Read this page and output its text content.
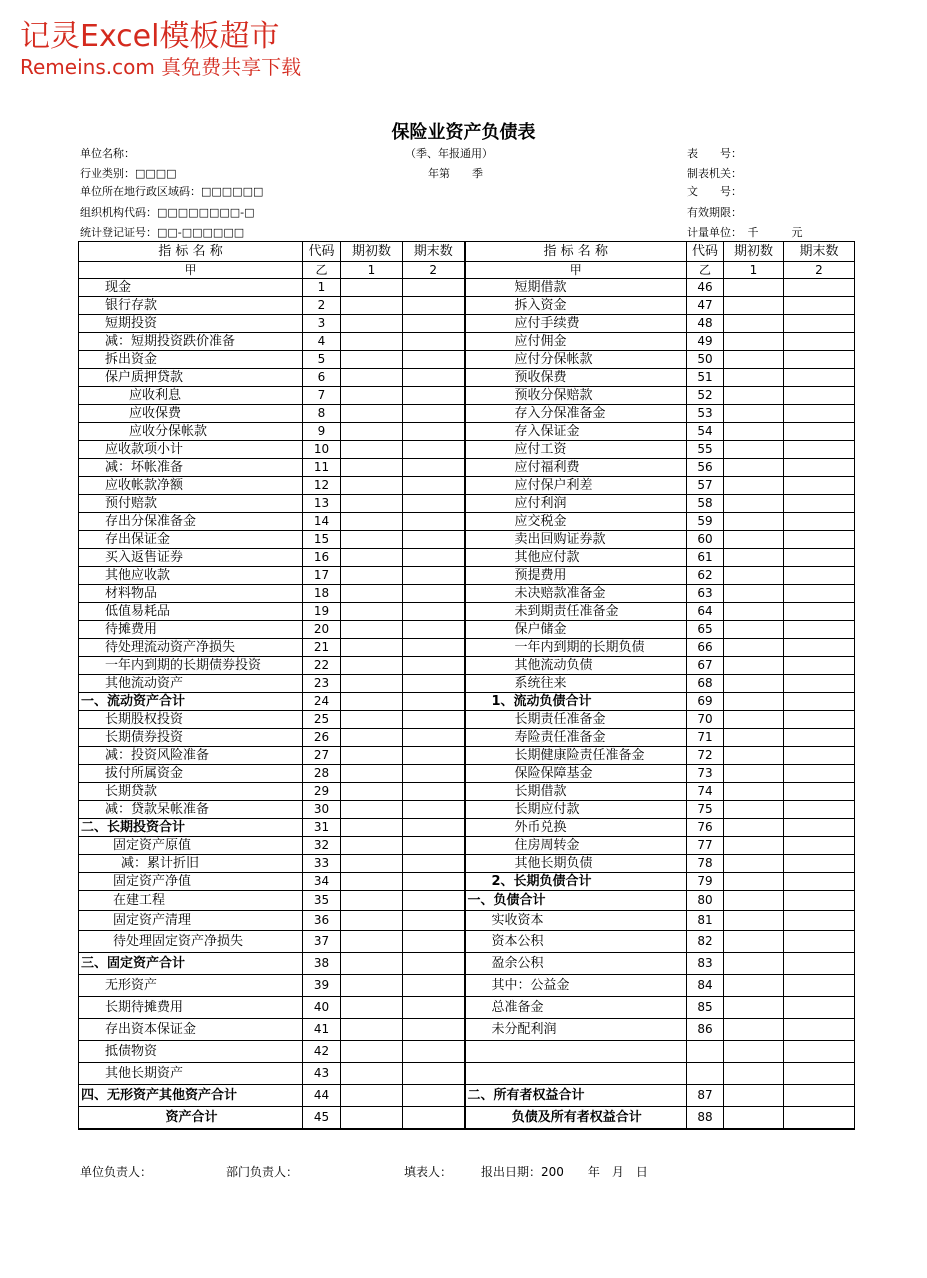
记灵Excel模板超市
Remeins.com 真免费共享下载
保险业资产负债表
单位名称：	（季、年报通用）	表　　号：
行业类别：□□□□	年第　　季	制表机关：
单位所在地行政区域码：□□□□□□	文　　号：
组织机构代码：□□□□□□□□-□	有效期限：
统计登记证号：□□-□□□□□□	计量单位：　千　　　元
指 标 名 称	代码	期初数	期末数	指 标 名 称	代码	期初数	期末数
甲	乙	1	2	甲	乙	1	2
现金	1			短期借款	46		
银行存款	2			拆入资金	47		
短期投资	3			应付手续费	48		
减：短期投资跌价准备	4			应付佣金	49		
拆出资金	5			应付分保帐款	50		
保户质押贷款	6			预收保费	51		
应收利息	7			预收分保赔款	52		
应收保费	8			存入分保准备金	53		
应收分保帐款	9			存入保证金	54		
应收款项小计	10			应付工资	55		
减：坏帐准备	11			应付福利费	56		
应收帐款净额	12			应付保户利差	57		
预付赔款	13			应付利润	58		
存出分保准备金	14			应交税金	59		
存出保证金	15			卖出回购证券款	60		
买入返售证券	16			其他应付款	61		
其他应收款	17			预提费用	62		
材料物品	18			未决赔款准备金	63		
低值易耗品	19			未到期责任准备金	64		
待摊费用	20			保户储金	65		
待处理流动资产净损失	21			一年内到期的长期负债	66		
一年内到期的长期债券投资	22			其他流动负债	67		
其他流动资产	23			系统往来	68		
一、流动资产合计	24			1、流动负债合计	69		
长期股权投资	25			长期责任准备金	70		
长期债券投资	26			寿险责任准备金	71		
减：投资风险准备	27			长期健康险责任准备金	72		
拔付所属资金	28			保险保障基金	73		
长期贷款	29			长期借款	74		
减：贷款呆帐准备	30			长期应付款	75		
二、长期投资合计	31			外币兑换	76		
固定资产原值	32			住房周转金	77		
减：累计折旧	33			其他长期负债	78		
固定资产净值	34			2、长期负债合计	79		
在建工程	35			一、负债合计	80		
固定资产清理	36			实收资本	81		
待处理固定资产净损失	37			资本公积	82		
三、固定资产合计	38			盈余公积	83		
无形资产	39			其中：公益金	84		
长期待摊费用	40			总准备金	85		
存出资本保证金	41			未分配利润	86		
抵债物资	42						
其他长期资产	43						
四、无形资产其他资产合计	44			二、所有者权益合计	87		
资产合计	45			负债及所有者权益合计	88		
单位负责人：	部门负责人：	填表人： 报出日期：200　　年　月　日
